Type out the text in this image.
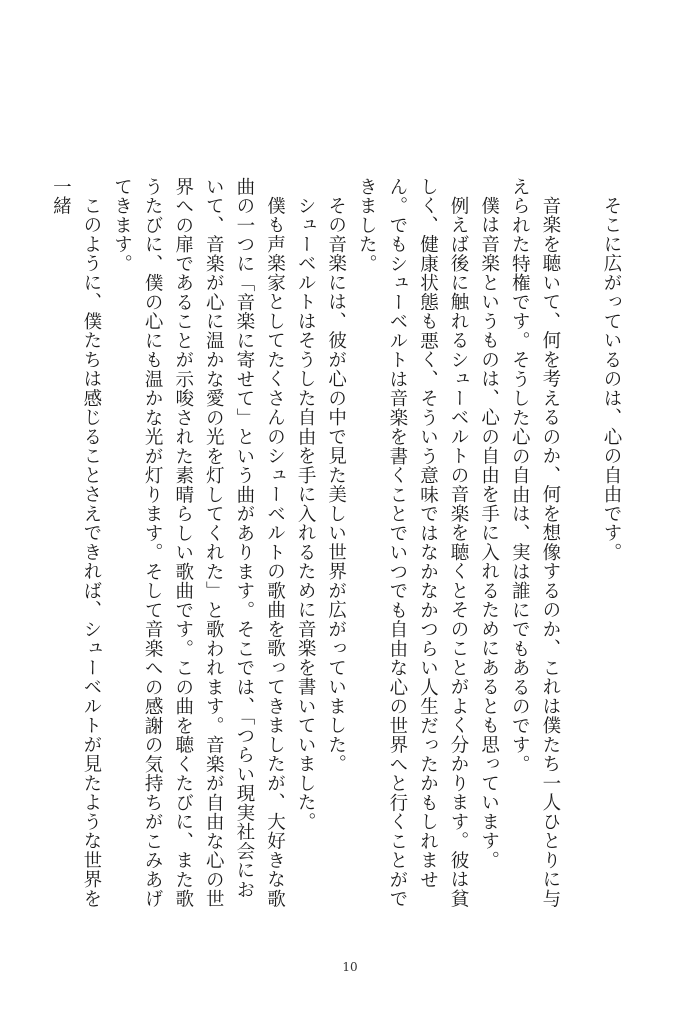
そこに広がっているのは、心の自由です。

音楽を聴いて、何を考えるのか、何を想像するのか、これは僕たち一人ひとりに与えられた特権です。そうした心の自由は、実は誰にでもあるのです。

僕は音楽というものは、心の自由を手に入れるためにあるとも思っています。

例えば後に触れるシューベルトの音楽を聴くとそのことがよく分かります。彼は貧しく、健康状態も悪く、そういう意味ではなかなかつらい人生だったかもしれません。でもシューベルトは音楽を書くことでいつでも自由な心の世界へと行くことができました。

その音楽には、彼が心の中で見た美しい世界が広がっていました。

シューベルトはそうした自由を手に入れるために音楽を書いていました。

僕も声楽家としてたくさんのシューベルトの歌曲を歌ってきましたが、大好きな歌曲の一つに「音楽に寄せて」という曲があります。そこでは、「つらい現実社会において、音楽が心に温かな愛の光を灯してくれた」と歌われます。音楽が自由な心の世界への扉であることが示唆された素晴らしい歌曲です。この曲を聴くたびに、また歌うたびに、僕の心にも温かな光が灯ります。そして音楽への感謝の気持ちがこみあげてきます。

このように、僕たちは感じることさえできれば、シューベルトが見たような世界を一緒

10
